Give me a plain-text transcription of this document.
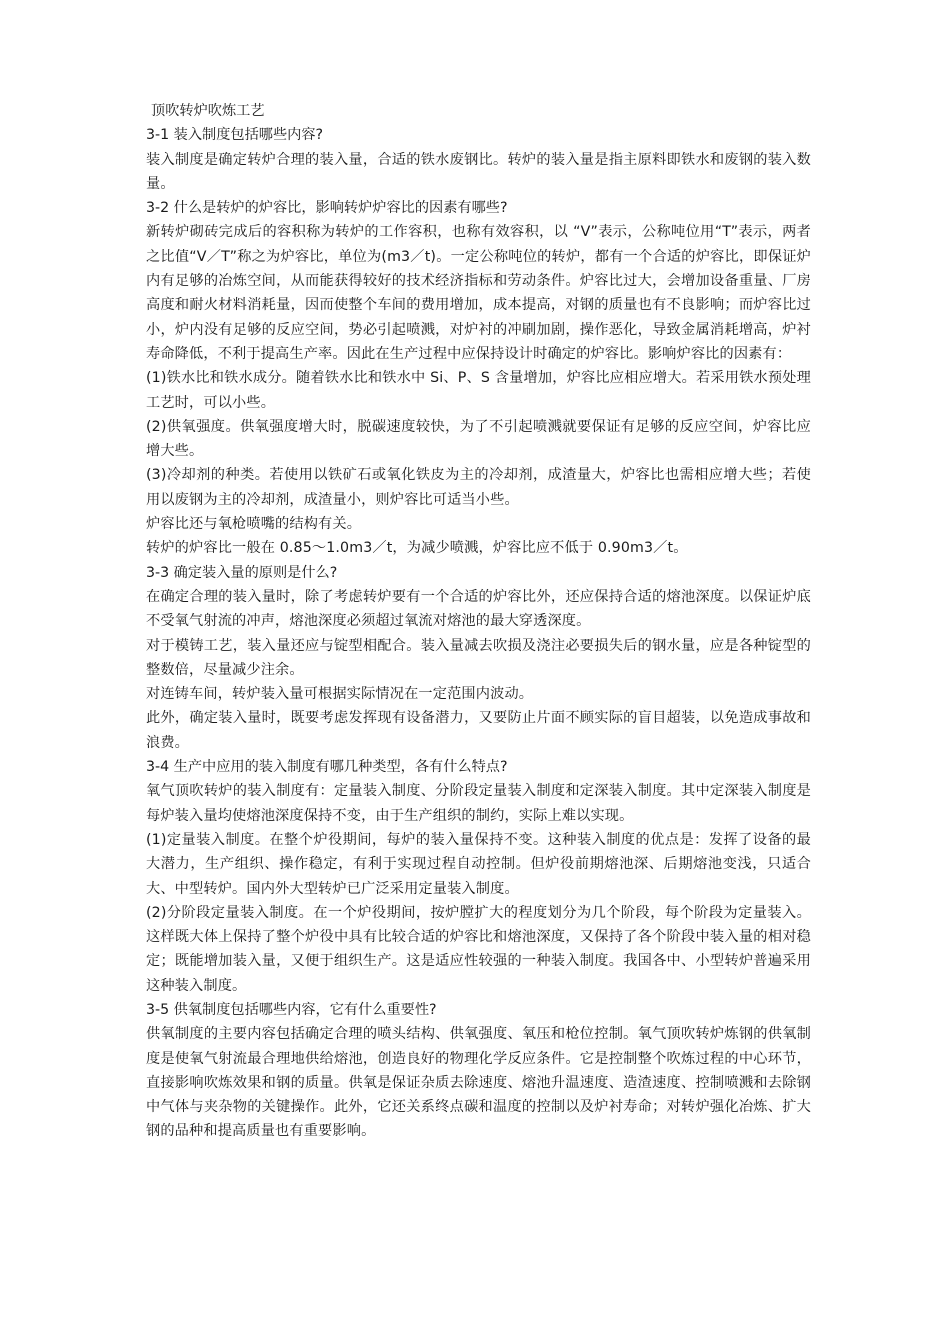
顶吹转炉吹炼工艺
3-1 装入制度包括哪些内容?

装入制度是确定转炉合理的装入量，合适的铁水废钢比。转炉的装入量是指主原料即铁水和废钢的装入数量。

3-2 什么是转炉的炉容比，影响转炉炉容比的因素有哪些?

新转炉砌砖完成后的容积称为转炉的工作容积，也称有效容积，以 “V”表示，公称吨位用“T”表示，两者之比值“V／T”称之为炉容比，单位为(m3／t)。一定公称吨位的转炉，都有一个合适的炉容比，即保证炉内有足够的冶炼空间，从而能获得较好的技术经济指标和劳动条件。炉容比过大，会增加设备重量、厂房高度和耐火材料消耗量，因而使整个车间的费用增加，成本提高，对钢的质量也有不良影响；而炉容比过小，炉内没有足够的反应空间，势必引起喷溅，对炉衬的冲刷加剧，操作恶化，导致金属消耗增高，炉衬寿命降低，不利于提高生产率。因此在生产过程中应保持设计时确定的炉容比。影响炉容比的因素有：

(1)铁水比和铁水成分。随着铁水比和铁水中 Si、P、S 含量增加，炉容比应相应增大。若采用铁水预处理工艺时，可以小些。

(2)供氧强度。供氧强度增大时，脱碳速度较快，为了不引起喷溅就要保证有足够的反应空间，炉容比应增大些。

(3)冷却剂的种类。若使用以铁矿石或氧化铁皮为主的冷却剂，成渣量大，炉容比也需相应增大些；若使用以废钢为主的冷却剂，成渣量小，则炉容比可适当小些。

炉容比还与氧枪喷嘴的结构有关。

转炉的炉容比一般在 0.85～1.0m3／t，为减少喷溅，炉容比应不低于 0.90m3／t。

3-3 确定装入量的原则是什么?

在确定合理的装入量时，除了考虑转炉要有一个合适的炉容比外，还应保持合适的熔池深度。以保证炉底不受氧气射流的冲声，熔池深度必须超过氧流对熔池的最大穿透深度。

对于模铸工艺，装入量还应与锭型相配合。装入量减去吹损及浇注必要损失后的钢水量，应是各种锭型的整数倍，尽量减少注余。

对连铸车间，转炉装入量可根据实际情况在一定范围内波动。

此外，确定装入量时，既要考虑发挥现有设备潜力，又要防止片面不顾实际的盲目超装，以免造成事故和浪费。

3-4 生产中应用的装入制度有哪几种类型，各有什么特点?

氧气顶吹转炉的装入制度有：定量装入制度、分阶段定量装入制度和定深装入制度。其中定深装入制度是每炉装入量均使熔池深度保持不变，由于生产组织的制约，实际上难以实现。

(1)定量装入制度。在整个炉役期间，每炉的装入量保持不变。这种装入制度的优点是：发挥了设备的最大潜力，生产组织、操作稳定，有利于实现过程自动控制。但炉役前期熔池深、后期熔池变浅，只适合大、中型转炉。国内外大型转炉已广泛采用定量装入制度。

(2)分阶段定量装入制度。在一个炉役期间，按炉膛扩大的程度划分为几个阶段，每个阶段为定量装入。这样既大体上保持了整个炉役中具有比较合适的炉容比和熔池深度，又保持了各个阶段中装入量的相对稳定；既能增加装入量，又便于组织生产。这是适应性较强的一种装入制度。我国各中、小型转炉普遍采用这种装入制度。

3-5 供氧制度包括哪些内容，它有什么重要性?

供氧制度的主要内容包括确定合理的喷头结构、供氧强度、氧压和枪位控制。氧气顶吹转炉炼钢的供氧制度是使氧气射流最合理地供给熔池，创造良好的物理化学反应条件。它是控制整个吹炼过程的中心环节，直接影响吹炼效果和钢的质量。供氧是保证杂质去除速度、熔池升温速度、造渣速度、控制喷溅和去除钢中气体与夹杂物的关键操作。此外，它还关系终点碳和温度的控制以及炉衬寿命；对转炉强化冶炼、扩大钢的品种和提高质量也有重要影响。
